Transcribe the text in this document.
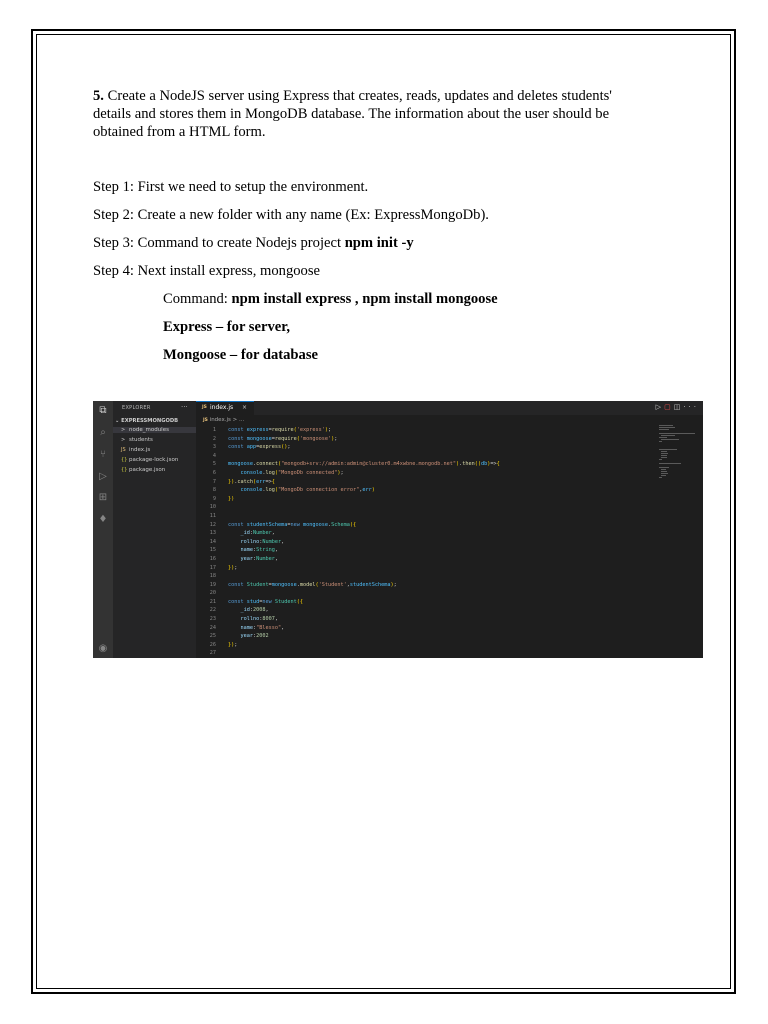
5. Create a NodeJS server using Express that creates, reads, updates and deletes students' details and stores them in MongoDB database. The information about the user should be obtained from a HTML form.

Step 1: First we need to setup the environment.
Step 2: Create a new folder with any name (Ex: ExpressMongoDb).
Step 3: Command to create Nodejs project npm init -y
Step 4: Next install express, mongoose
Command: npm install express , npm install mongoose
Express – for server,
Mongoose – for database
⧉
⌕
⑂
▷
⊞
♦
◉
EXPLORER	···
⌄ EXPRESSMONGODB
> node_modules
> students
JS index.js
{} package-lock.json
{} package.json
JS index.js ×	▷▢◫···
JS index.js > ...
1 const express=require('express');
2 const mongoose=require('mongoose');
3 const app=express();
4
5 mongoose.connect("mongodb+srv://admin:admin@cluster0.m4xwbne.mongodb.net").then((db)=>{
6	console.log("MongoDb connected");
7 }).catch(err=>{
8	console.log("MongoDb connection error",err)
9 })
10
11
12 const studentSchema=new mongoose.Schema({
13	_id:Number,
14	rollno:Number,
15	name:String,
16	year:Number,
17 });
18
19 const Student=mongoose.model('Student',studentSchema);
20
21 const stud=new Student({
22	_id:2008,
23	rollno:8007,
24	name:"Blesso",
25	year:2002
26 });
27
